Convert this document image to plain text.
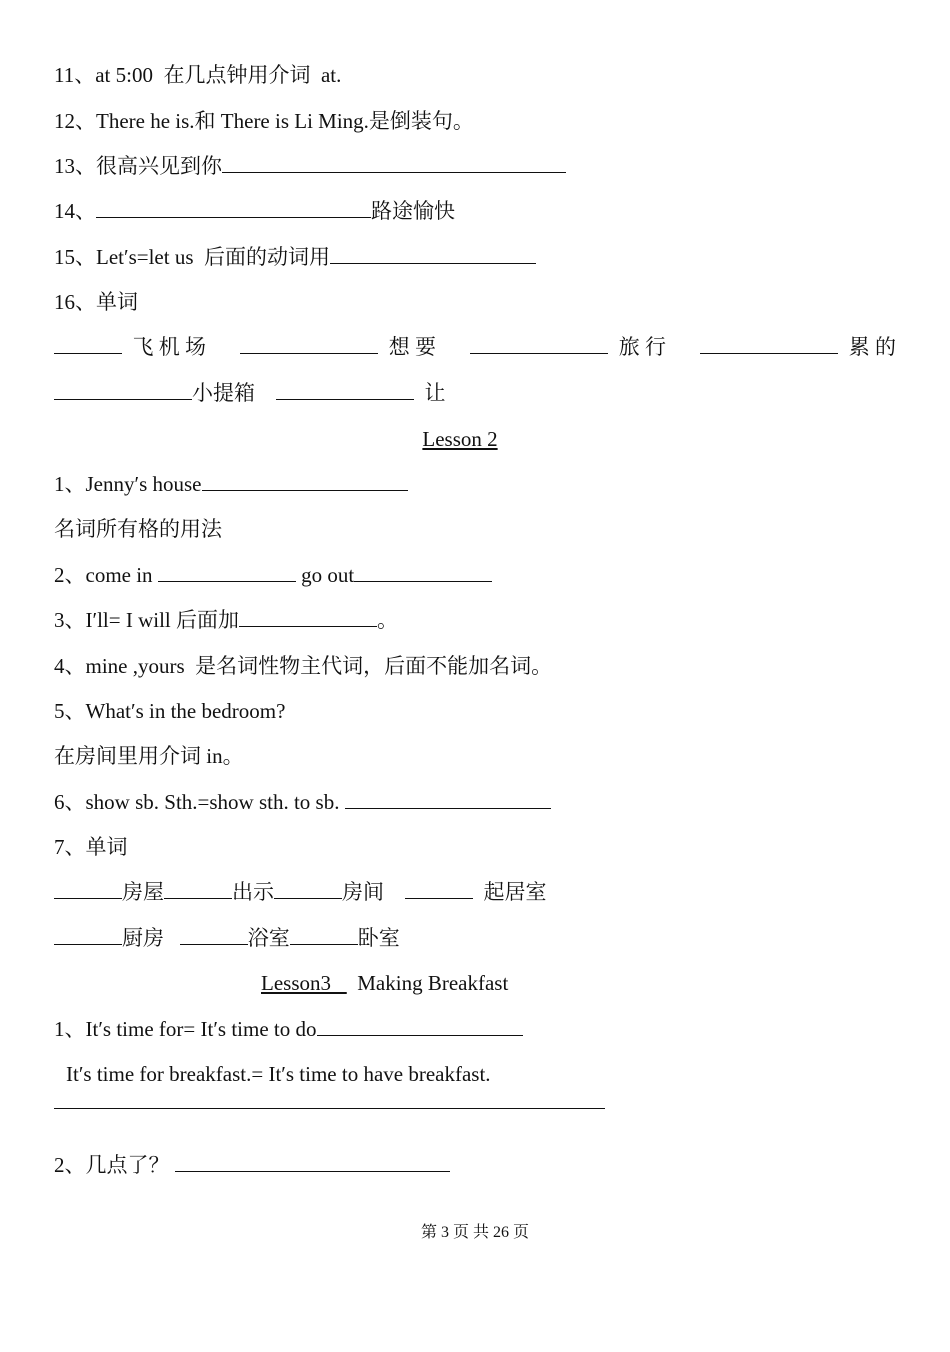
11、at 5:00  在几点钟用介词  at.
12、There he is.和 There is Li Ming.是倒装句。
13、很高兴见到你
14、	路途愉快
15、Let′s=let us  后面的动词用
16、单词
飞 机 场	想 要	旅 行	累 的
小提箱	让
Lesson 2
1、Jenny′s house
名词所有格的用法
2、come in	go out
3、I′ll= I will 后面加	。
4、mine ,yours  是名词性物主代词，后面不能加名词。
5、What′s in the bedroom?
在房间里用介词 in。
6、show sb. Sth.=show sth. to sb.
7、单词
房屋	出示	房间	起居室
厨房	浴室	卧室
Lesson3 Making Breakfast
1、It′s time for= It′s time to do
It′s time for breakfast.= It′s time to have breakfast.
2、几点了？
第 3 页 共 26 页
